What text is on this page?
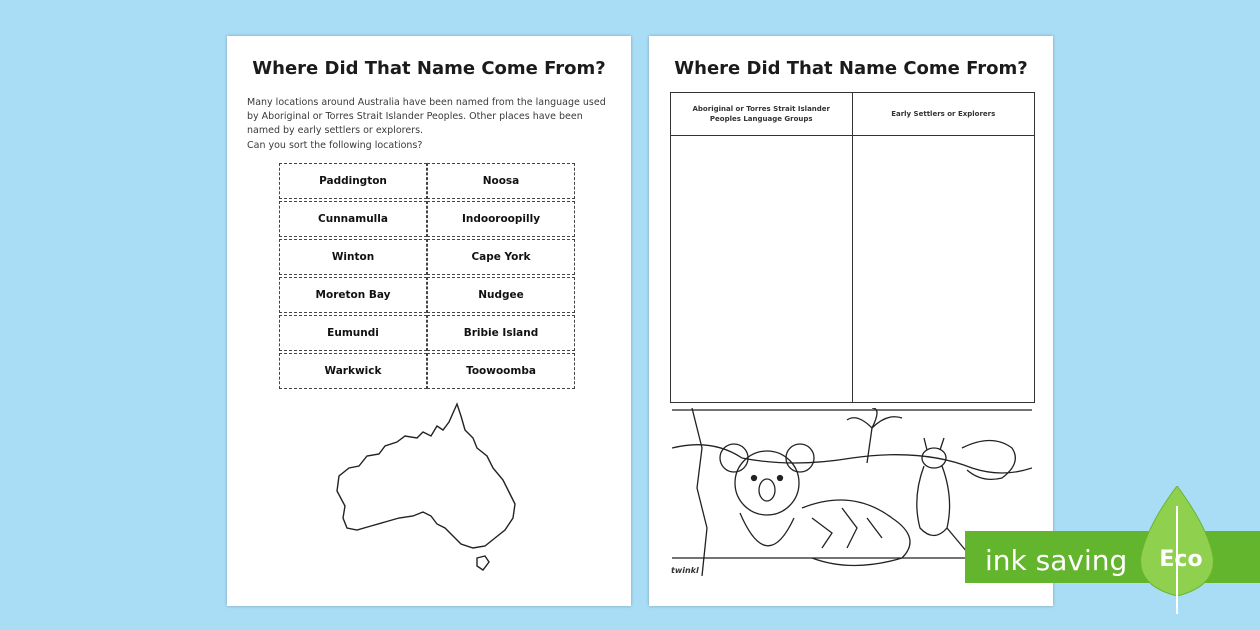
Where Did That Name Come From?
Many locations around Australia have been named from the language used by Aboriginal or Torres Strait Islander Peoples. Other places have been named by early settlers or explorers.
Can you sort the following locations?
Paddington	Noosa
Cunnamulla	Indooroopilly
Winton	Cape York
Moreton Bay	Nudgee
Eumundi	Bribie Island
Warkwick	Toowoomba
Where Did That Name Come From?
Aboriginal or Torres Strait Islander Peoples Language Groups
Early Settlers or Explorers
twinkl	ink saving	Eco
